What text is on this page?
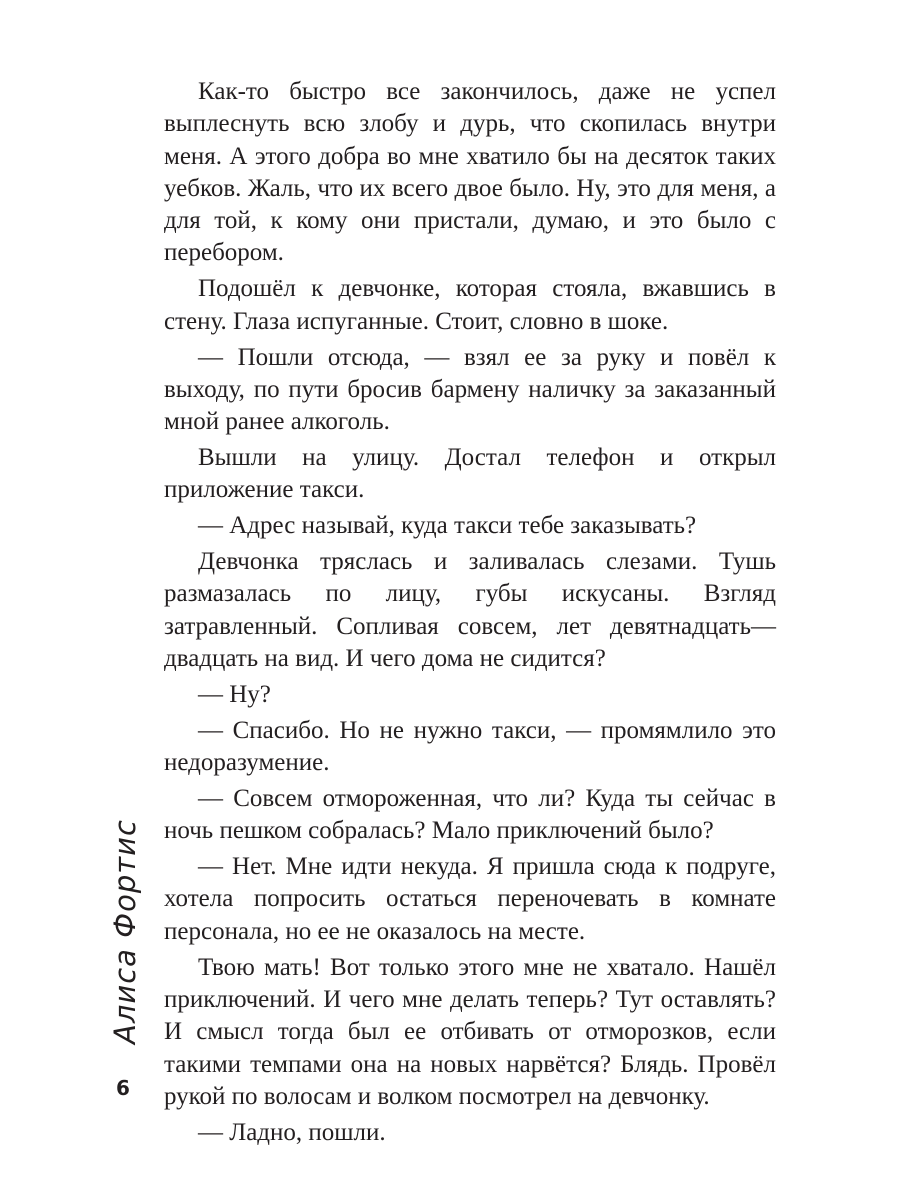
Как-то быстро все закончилось, даже не успел выплеснуть всю злобу и дурь, что скопилась внутри меня. А этого добра во мне хватило бы на десяток таких уебков. Жаль, что их всего двое было. Ну, это для меня, а для той, к кому они пристали, думаю, и это было с перебором.

Подошёл к девчонке, которая стояла, вжавшись в стену. Глаза испуганные. Стоит, словно в шоке.

— Пошли отсюда, — взял ее за руку и повёл к выходу, по пути бросив бармену наличку за заказанный мной ранее алкоголь.

Вышли на улицу. Достал телефон и открыл приложение такси.

— Адрес называй, куда такси тебе заказывать?

Девчонка тряслась и заливалась слезами. Тушь размазалась по лицу, губы искусаны. Взгляд затравленный. Сопливая совсем, лет девятнадцать—двадцать на вид. И чего дома не сидится?

— Ну?

— Спасибо. Но не нужно такси, — промямлило это недоразумение.

— Совсем отмороженная, что ли? Куда ты сейчас в ночь пешком собралась? Мало приключений было?

— Нет. Мне идти некуда. Я пришла сюда к подруге, хотела попросить остаться переночевать в комнате персонала, но ее не оказалось на месте.

Твою мать! Вот только этого мне не хватало. Нашёл приключений. И чего мне делать теперь? Тут оставлять? И смысл тогда был ее отбивать от отморозков, если такими темпами она на новых нарвётся? Блядь. Провёл рукой по волосам и волком посмотрел на девчонку.

— Ладно, пошли.

Алиса Фортис
6
